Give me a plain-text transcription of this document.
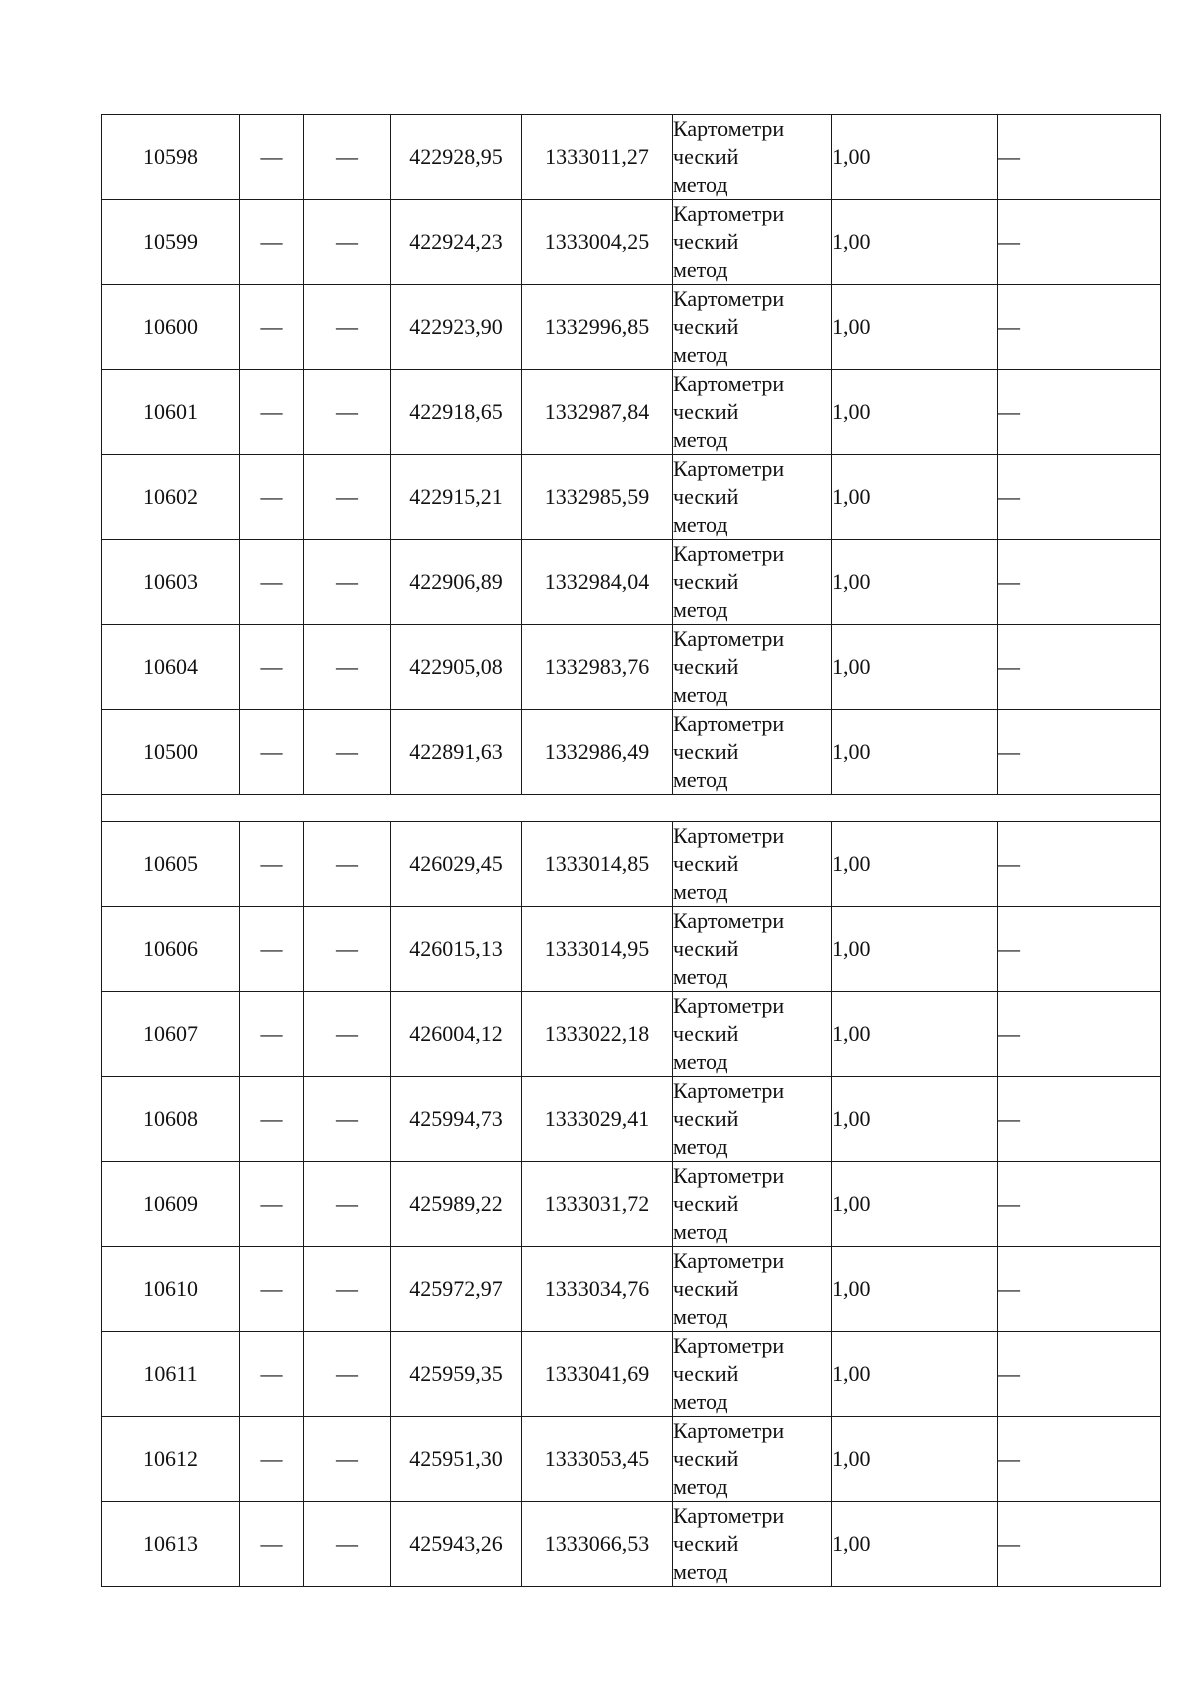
10598	—	—	422928,95	1333011,27	Картометри
ческий
метод	1,00	—
10599	—	—	422924,23	1333004,25	Картометри
ческий
метод	1,00	—
10600	—	—	422923,90	1332996,85	Картометри
ческий
метод	1,00	—
10601	—	—	422918,65	1332987,84	Картометри
ческий
метод	1,00	—
10602	—	—	422915,21	1332985,59	Картометри
ческий
метод	1,00	—
10603	—	—	422906,89	1332984,04	Картометри
ческий
метод	1,00	—
10604	—	—	422905,08	1332983,76	Картометри
ческий
метод	1,00	—
10500	—	—	422891,63	1332986,49	Картометри
ческий
метод	1,00	—

10605	—	—	426029,45	1333014,85	Картометри
ческий
метод	1,00	—
10606	—	—	426015,13	1333014,95	Картометри
ческий
метод	1,00	—
10607	—	—	426004,12	1333022,18	Картометри
ческий
метод	1,00	—
10608	—	—	425994,73	1333029,41	Картометри
ческий
метод	1,00	—
10609	—	—	425989,22	1333031,72	Картометри
ческий
метод	1,00	—
10610	—	—	425972,97	1333034,76	Картометри
ческий
метод	1,00	—
10611	—	—	425959,35	1333041,69	Картометри
ческий
метод	1,00	—
10612	—	—	425951,30	1333053,45	Картометри
ческий
метод	1,00	—
10613	—	—	425943,26	1333066,53	Картометри
ческий
метод	1,00	—
